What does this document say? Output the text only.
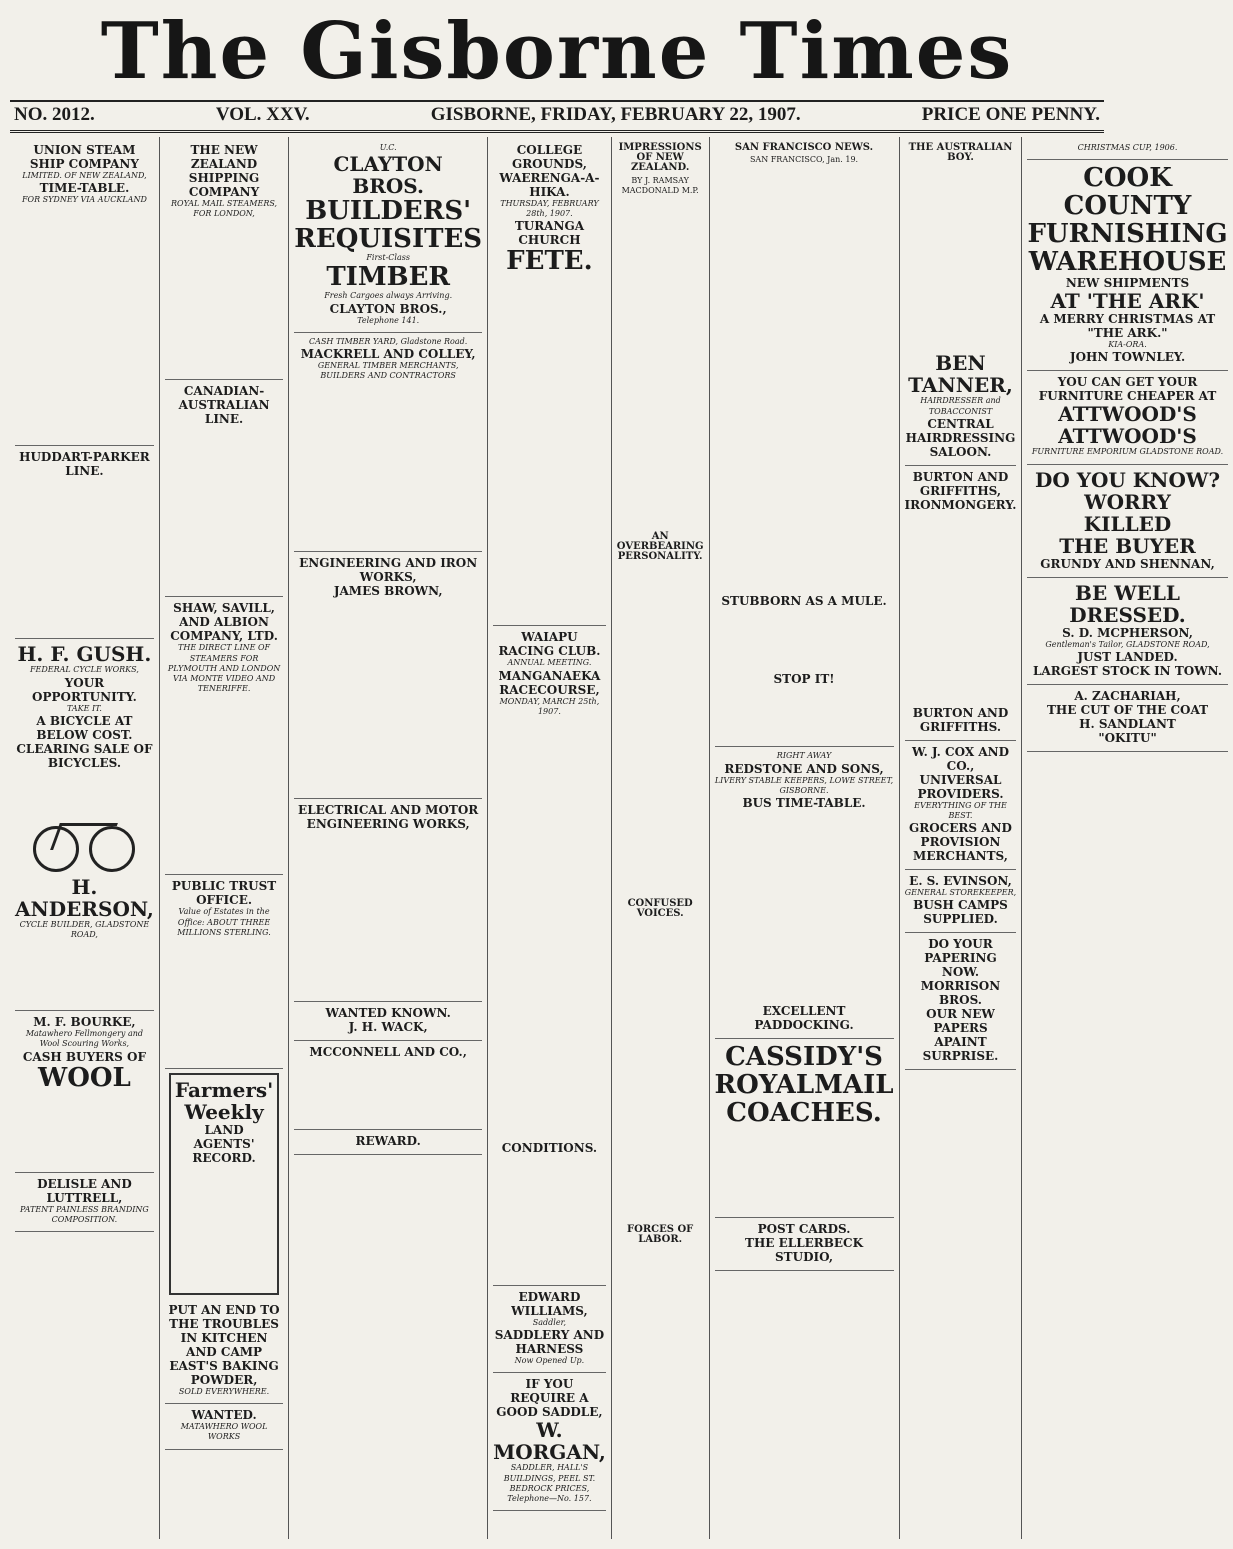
The Gisborne Times
NO. 2012.	VOL. XXV.	GISBORNE, FRIDAY, FEBRUARY 22, 1907.	PRICE ONE PENNY.
UNION STEAM SHIP COMPANY
LIMITED. OF NEW ZEALAND,
TIME-TABLE.
FOR SYDNEY VIA AUCKLAND

HUDDART-PARKER LINE.

H. F. GUSH.
FEDERAL CYCLE WORKS,
YOUR OPPORTUNITY.
TAKE IT.
A BICYCLE AT BELOW COST.
CLEARING SALE OF BICYCLES.

H. ANDERSON,
CYCLE BUILDER, GLADSTONE ROAD,

M. F. BOURKE,
Matawhero Fellmongery and Wool Scouring Works,
CASH BUYERS OF
WOOL

DELISLE AND LUTTRELL,
PATENT PAINLESS BRANDING COMPOSITION.
THE NEW ZEALAND SHIPPING COMPANY
ROYAL MAIL STEAMERS, FOR LONDON,

CANADIAN-AUSTRALIAN LINE.

SHAW, SAVILL, AND ALBION COMPANY, LTD.
THE DIRECT LINE OF STEAMERS FOR PLYMOUTH AND LONDON VIA MONTE VIDEO AND TENERIFFE.

PUBLIC TRUST OFFICE.
Value of Estates in the Office: ABOUT THREE MILLIONS STERLING.

Farmers' Weekly
LAND AGENTS' RECORD.

PUT AN END TO THE TROUBLES IN KITCHEN AND CAMP
EAST'S BAKING POWDER,
SOLD EVERYWHERE.
WANTED.
MATAWHERO WOOL WORKS
U.C.
CLAYTON BROS.
BUILDERS' REQUISITES
First-Class
TIMBER
Fresh Cargoes always Arriving.
CLAYTON BROS.,
Telephone 141.
CASH TIMBER YARD, Gladstone Road.
MACKRELL AND COLLEY,
GENERAL TIMBER MERCHANTS, BUILDERS AND CONTRACTORS

ENGINEERING AND IRON WORKS,
JAMES BROWN,

ELECTRICAL AND MOTOR ENGINEERING WORKS,

WANTED KNOWN.
J. H. WACK,
MCCONNELL AND CO.,

REWARD.
COLLEGE GROUNDS, WAERENGA-A-HIKA.
THURSDAY, FEBRUARY 28th, 1907.
TURANGA CHURCH
FETE.

WAIAPU RACING CLUB.
ANNUAL MEETING.
MANGANAEKA RACECOURSE,
MONDAY, MARCH 25th, 1907.

CONDITIONS.

EDWARD WILLIAMS,
Saddler,
SADDLERY AND HARNESS
Now Opened Up.
IF YOU REQUIRE A GOOD SADDLE,
W. MORGAN,
SADDLER, HALL'S BUILDINGS, PEEL ST. BEDROCK PRICES, Telephone—No. 157.
IMPRESSIONS OF NEW ZEALAND.
BY J. RAMSAY MACDONALD M.P.

AN OVERBEARING PERSONALITY.

CONFUSED VOICES.

FORCES OF LABOR.

SAN FRANCISCO NEWS.
SAN FRANCISCO, Jan. 19.

STUBBORN AS A MULE.

STOP IT!

RIGHT AWAY
REDSTONE AND SONS,
LIVERY STABLE KEEPERS, LOWE STREET, GISBORNE.
BUS TIME-TABLE.

EXCELLENT PADDOCKING.
CASSIDY'S ROYALMAIL COACHES.

POST CARDS.
THE ELLERBECK STUDIO,
THE AUSTRALIAN BOY.

BEN TANNER,
HAIRDRESSER and TOBACCONIST
CENTRAL HAIRDRESSING SALOON.
BURTON AND GRIFFITHS,
IRONMONGERY.

BURTON AND GRIFFITHS.
W. J. COX AND CO.,
UNIVERSAL PROVIDERS.
EVERYTHING OF THE BEST.
GROCERS AND PROVISION MERCHANTS,
E. S. EVINSON,
GENERAL STOREKEEPER,
BUSH CAMPS SUPPLIED.
DO YOUR PAPERING NOW.
MORRISON BROS.
OUR NEW PAPERS
APAINT SURPRISE.
CHRISTMAS CUP, 1906.
COOK COUNTY FURNISHING WAREHOUSE
NEW SHIPMENTS
AT 'THE ARK'
A MERRY CHRISTMAS AT "THE ARK."
KIA-ORA.
JOHN TOWNLEY.
YOU CAN GET YOUR FURNITURE CHEAPER AT
ATTWOOD'S
ATTWOOD'S
FURNITURE EMPORIUM GLADSTONE ROAD.
DO YOU KNOW?
WORRY
KILLED
THE BUYER
GRUNDY AND SHENNAN,
BE WELL DRESSED.
S. D. MCPHERSON,
Gentleman's Tailor, GLADSTONE ROAD,
JUST LANDED.
LARGEST STOCK IN TOWN.
A. ZACHARIAH,
THE CUT OF THE COAT
H. SANDLANT
"OKITU"
